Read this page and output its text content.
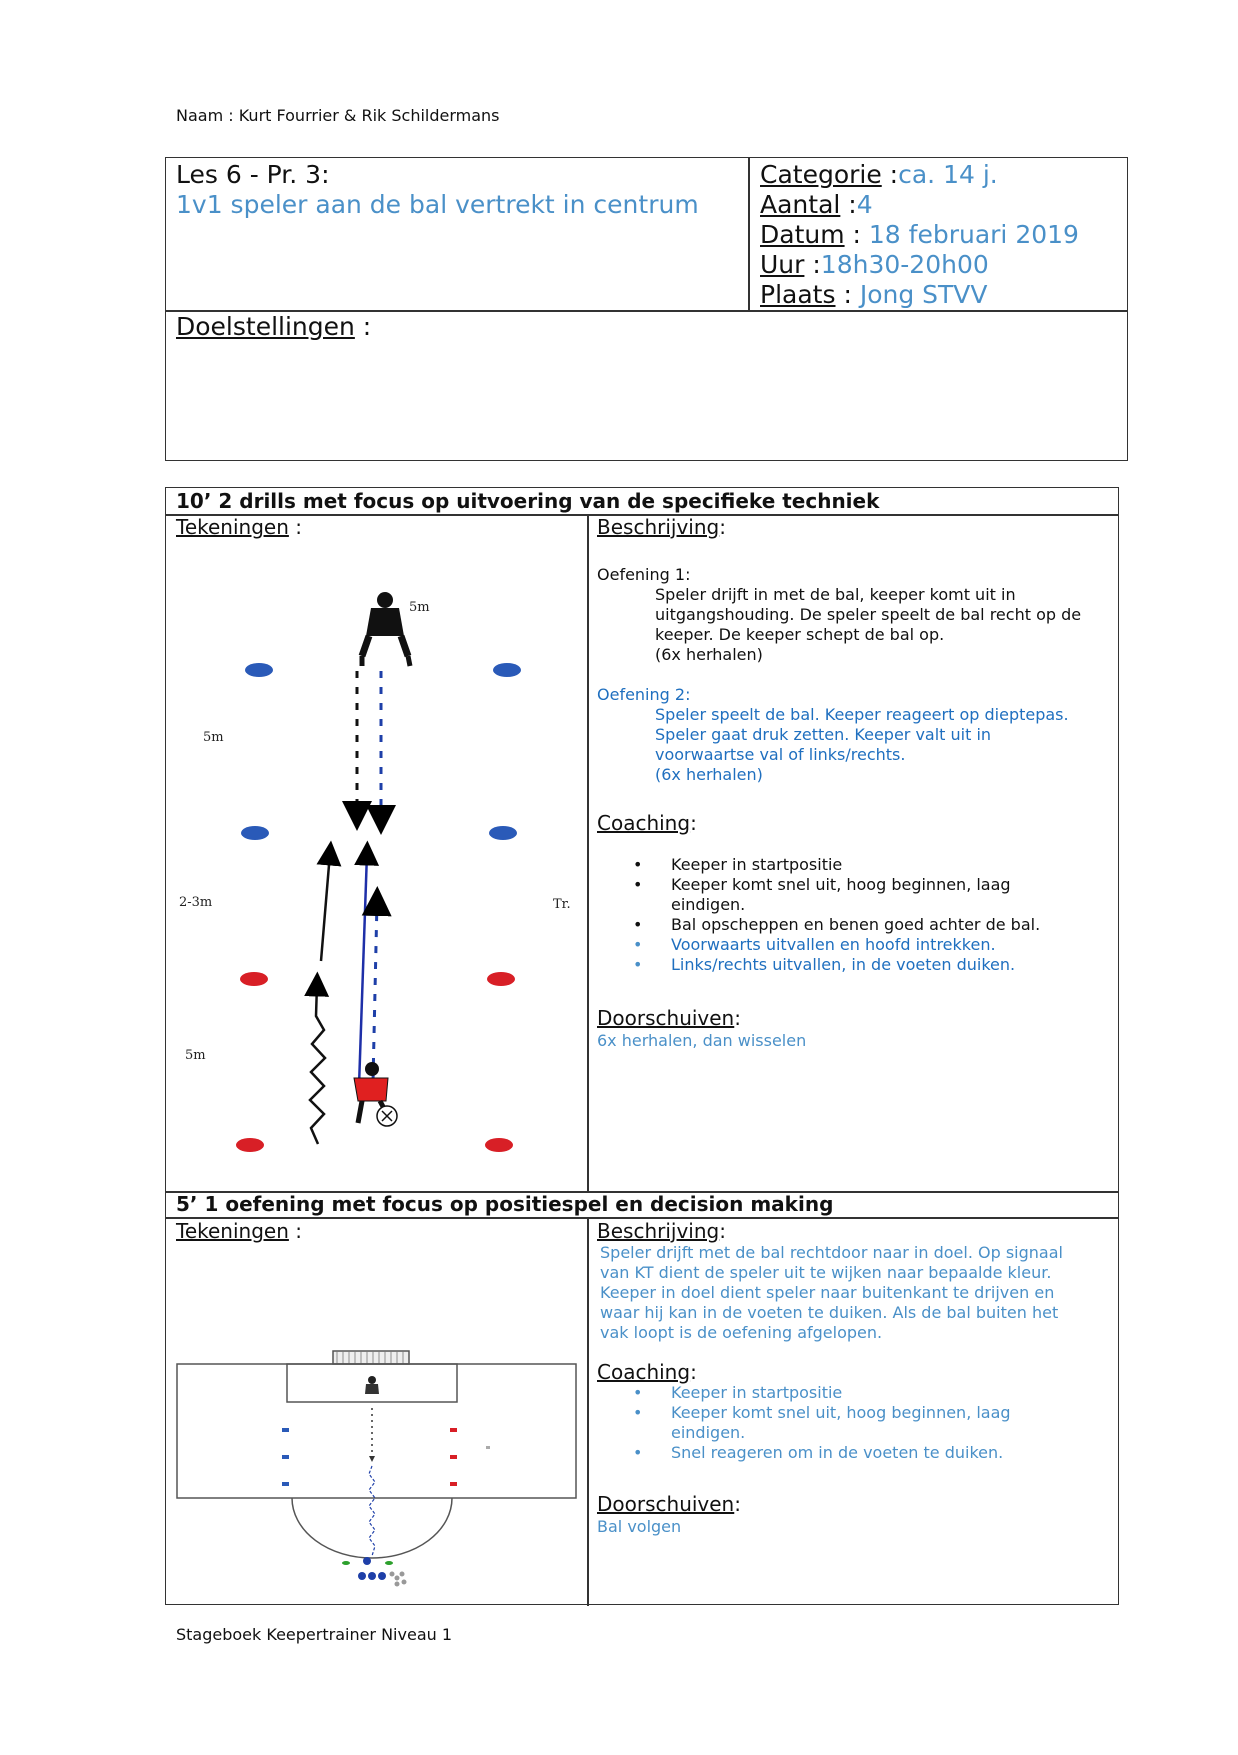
Naam : Kurt Fourrier & Rik Schildermans
Les 6 - Pr. 3:
1v1 speler aan de bal vertrekt in centrum
Categorie :ca. 14 j.
Aantal :4
Datum : 18 februari 2019
Uur :18h30-20h00
Plaats : Jong STVV
Doelstellingen :
10’ 2 drills met focus op uitvoering van de specifieke techniek
Tekeningen :	Beschrijving:
5m
5m
2-3m	Tr.
5m
Oefening 1:
Speler drijft in met de bal, keeper komt uit in
uitgangshouding. De speler speelt de bal recht op de
keeper. De keeper schept de bal op.
(6x herhalen)
Oefening 2:
Speler speelt de bal. Keeper reageert op dieptepas.
Speler gaat druk zetten. Keeper valt uit in
voorwaartse val of links/rechts.
(6x herhalen)
Coaching:
• Keeper in startpositie
• Keeper komt snel uit, hoog beginnen, laag
eindigen.
• Bal opscheppen en benen goed achter de bal.
• Voorwaarts uitvallen en hoofd intrekken.
• Links/rechts uitvallen, in de voeten duiken.
Doorschuiven:
6x herhalen, dan wisselen
5’ 1 oefening met focus op positiespel en decision making
Tekeningen :	Beschrijving:
Speler drijft met de bal rechtdoor naar in doel. Op signaal
van KT dient de speler uit te wijken naar bepaalde kleur.
Keeper in doel dient speler naar buitenkant te drijven en
waar hij kan in de voeten te duiken. Als de bal buiten het
vak loopt is de oefening afgelopen.
Coaching:
• Keeper in startpositie
• Keeper komt snel uit, hoog beginnen, laag
eindigen.
• Snel reageren om in de voeten te duiken.
Doorschuiven:
Bal volgen
Stageboek Keepertrainer Niveau 1
